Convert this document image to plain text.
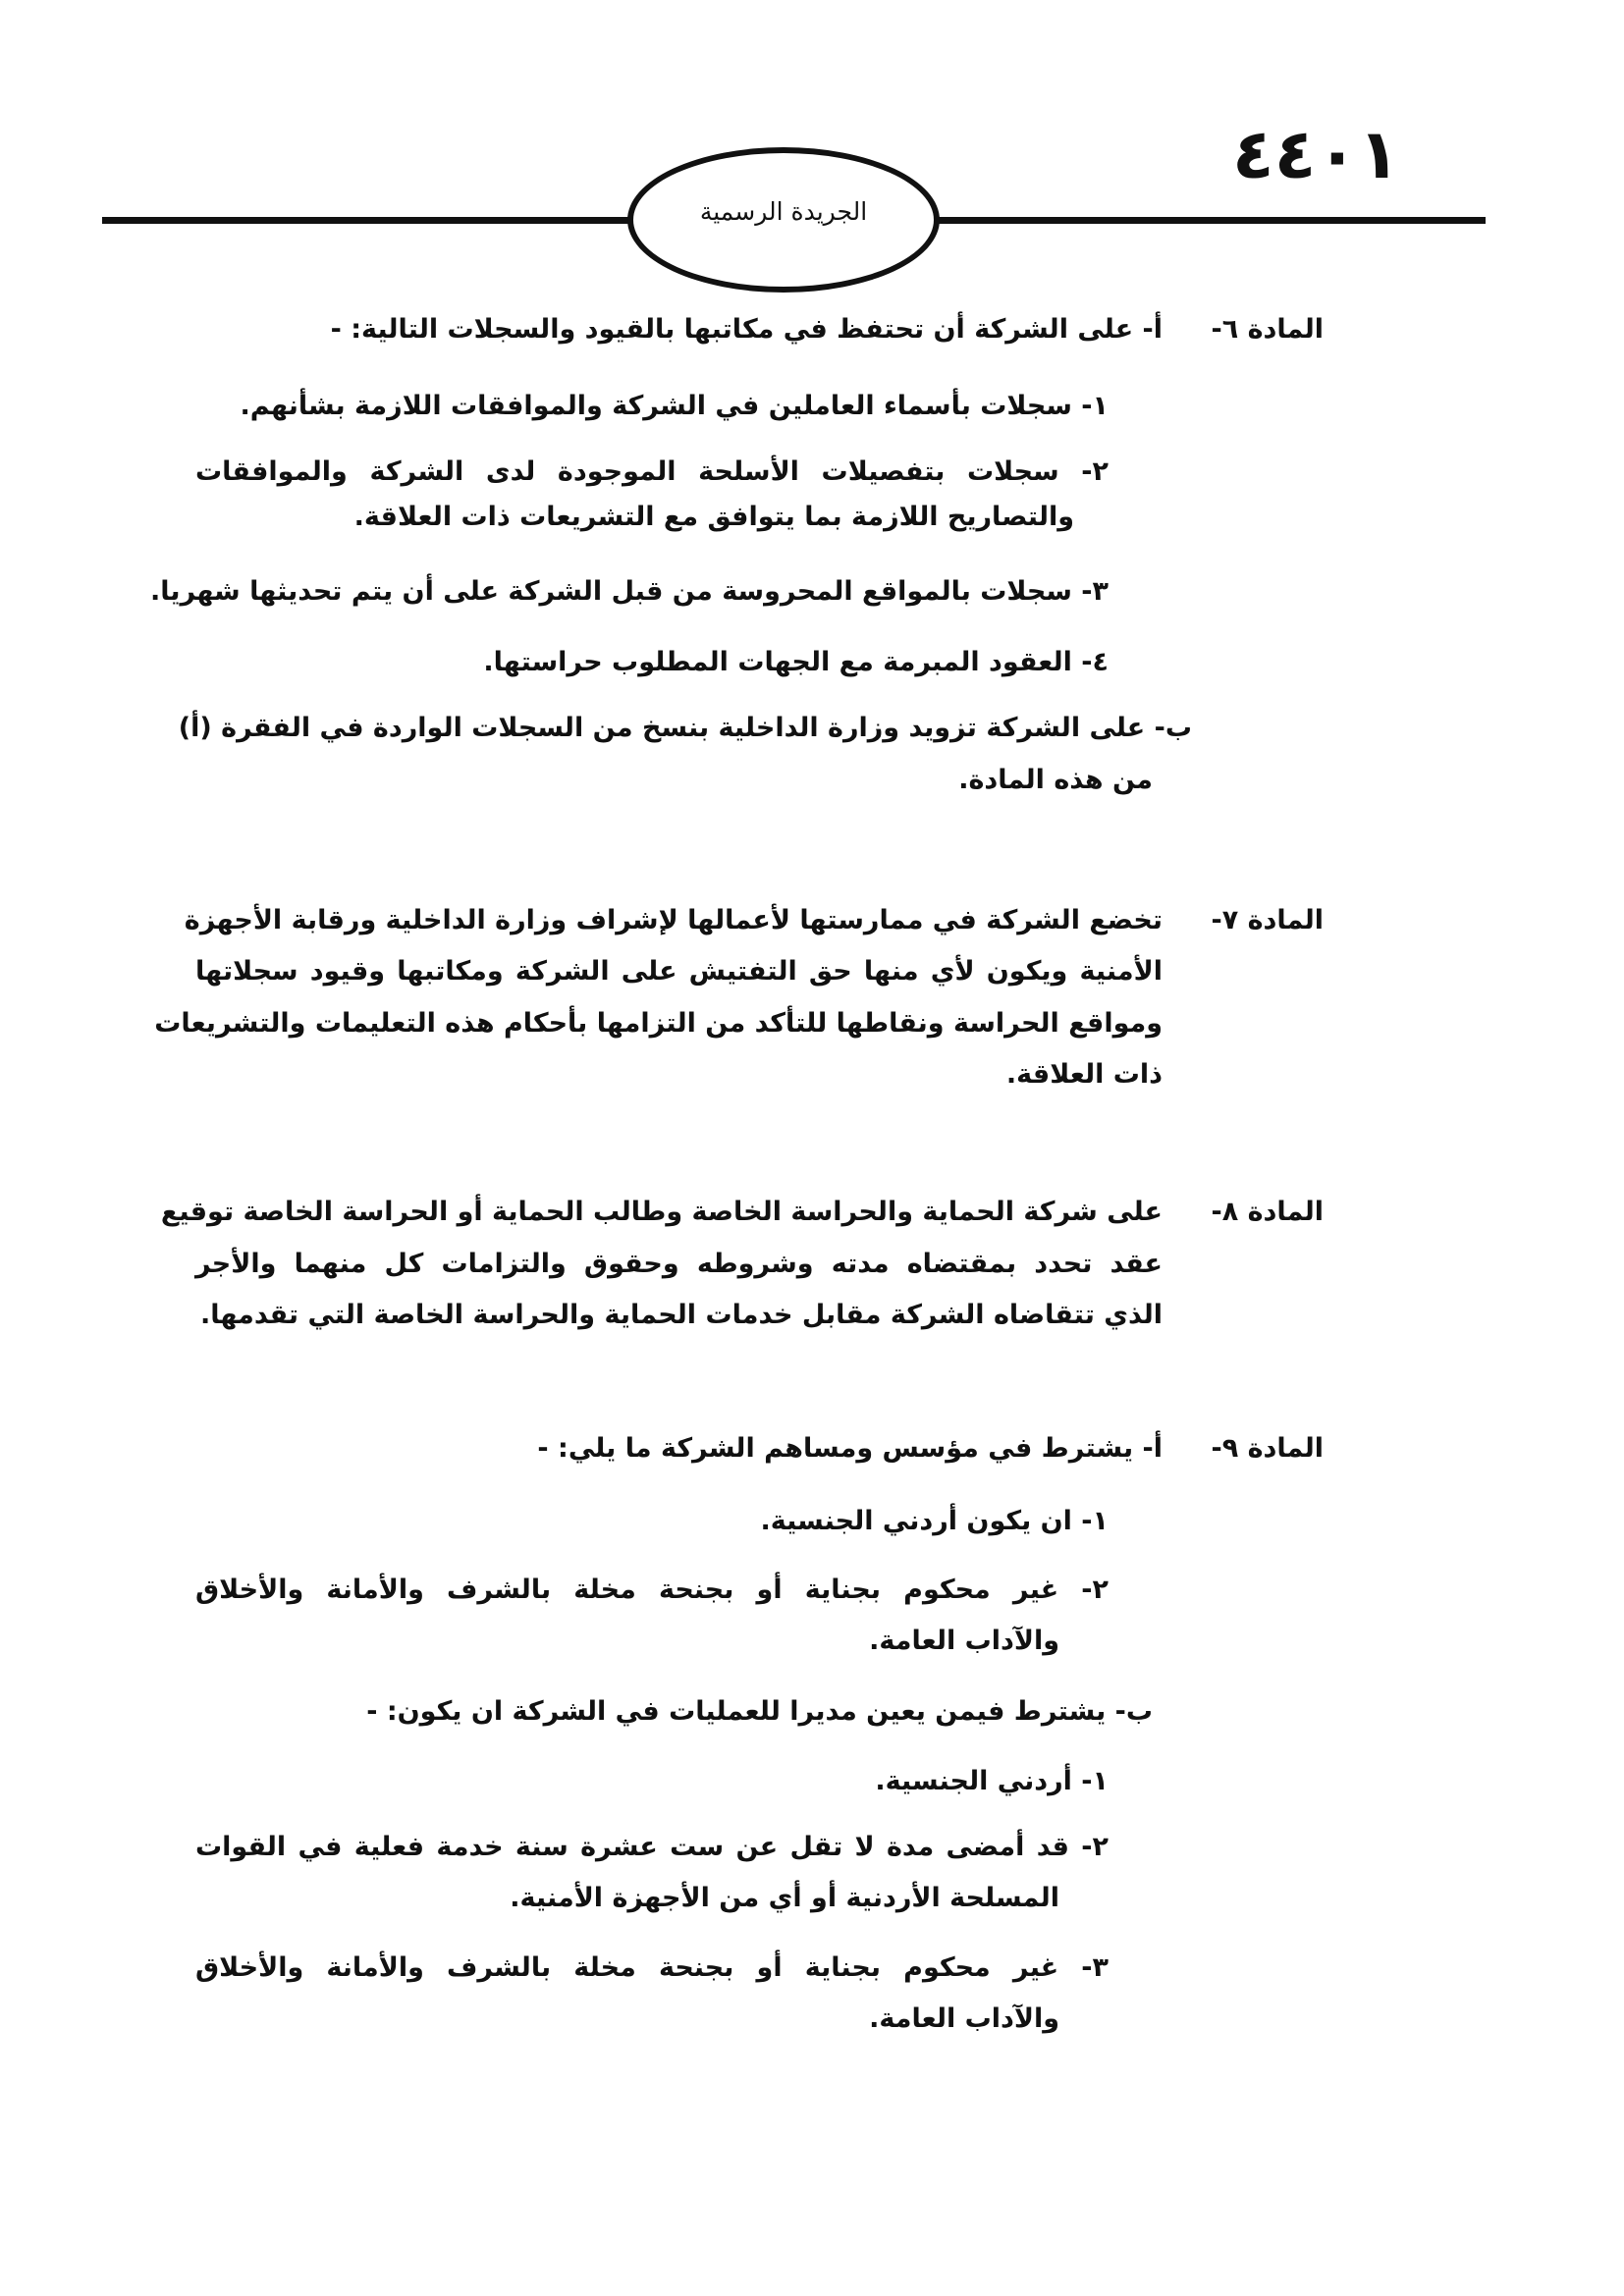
٤٤٠١
الجريدة الرسمية
المادة ٦-
أ- على الشركة أن تحتفظ في مكاتبها بالقيود والسجلات التالية: -
١- سجلات بأسماء العاملين في الشركة والموافقات اللازمة بشأنهم.
٢- سجلات بتفصيلات الأسلحة الموجودة لدى الشركة والموافقات
والتصاريح اللازمة بما يتوافق مع التشريعات ذات العلاقة.
٣- سجلات بالمواقع المحروسة من قبل الشركة على أن يتم تحديثها شهريا.
٤- العقود المبرمة مع الجهات المطلوب حراستها.
ب- على الشركة تزويد وزارة الداخلية بنسخ من السجلات الواردة في الفقرة (أ)
من هذه المادة.
المادة ٧-
تخضع الشركة في ممارستها لأعمالها لإشراف وزارة الداخلية ورقابة الأجهزة
الأمنية ويكون لأي منها حق التفتيش على الشركة ومكاتبها وقيود سجلاتها
ومواقع الحراسة ونقاطها للتأكد من التزامها بأحكام هذه التعليمات والتشريعات
ذات العلاقة.
المادة ٨-
على شركة الحماية والحراسة الخاصة وطالب الحماية أو الحراسة الخاصة توقيع
عقد تحدد بمقتضاه مدته وشروطه وحقوق والتزامات كل منهما والأجر
الذي تتقاضاه الشركة مقابل خدمات الحماية والحراسة الخاصة التي تقدمها.
المادة ٩-
أ- يشترط في مؤسس ومساهم الشركة ما يلي: -
١- ان يكون أردني الجنسية.
٢- غير محكوم بجناية أو بجنحة مخلة بالشرف والأمانة والأخلاق
والآداب العامة.
ب- يشترط فيمن يعين مديرا للعمليات في الشركة ان يكون: -
١- أردني الجنسية.
٢- قد أمضى مدة لا تقل عن ست عشرة سنة خدمة فعلية في القوات
المسلحة الأردنية أو أي من الأجهزة الأمنية.
٣- غير محكوم بجناية أو بجنحة مخلة بالشرف والأمانة والأخلاق
والآداب العامة.
